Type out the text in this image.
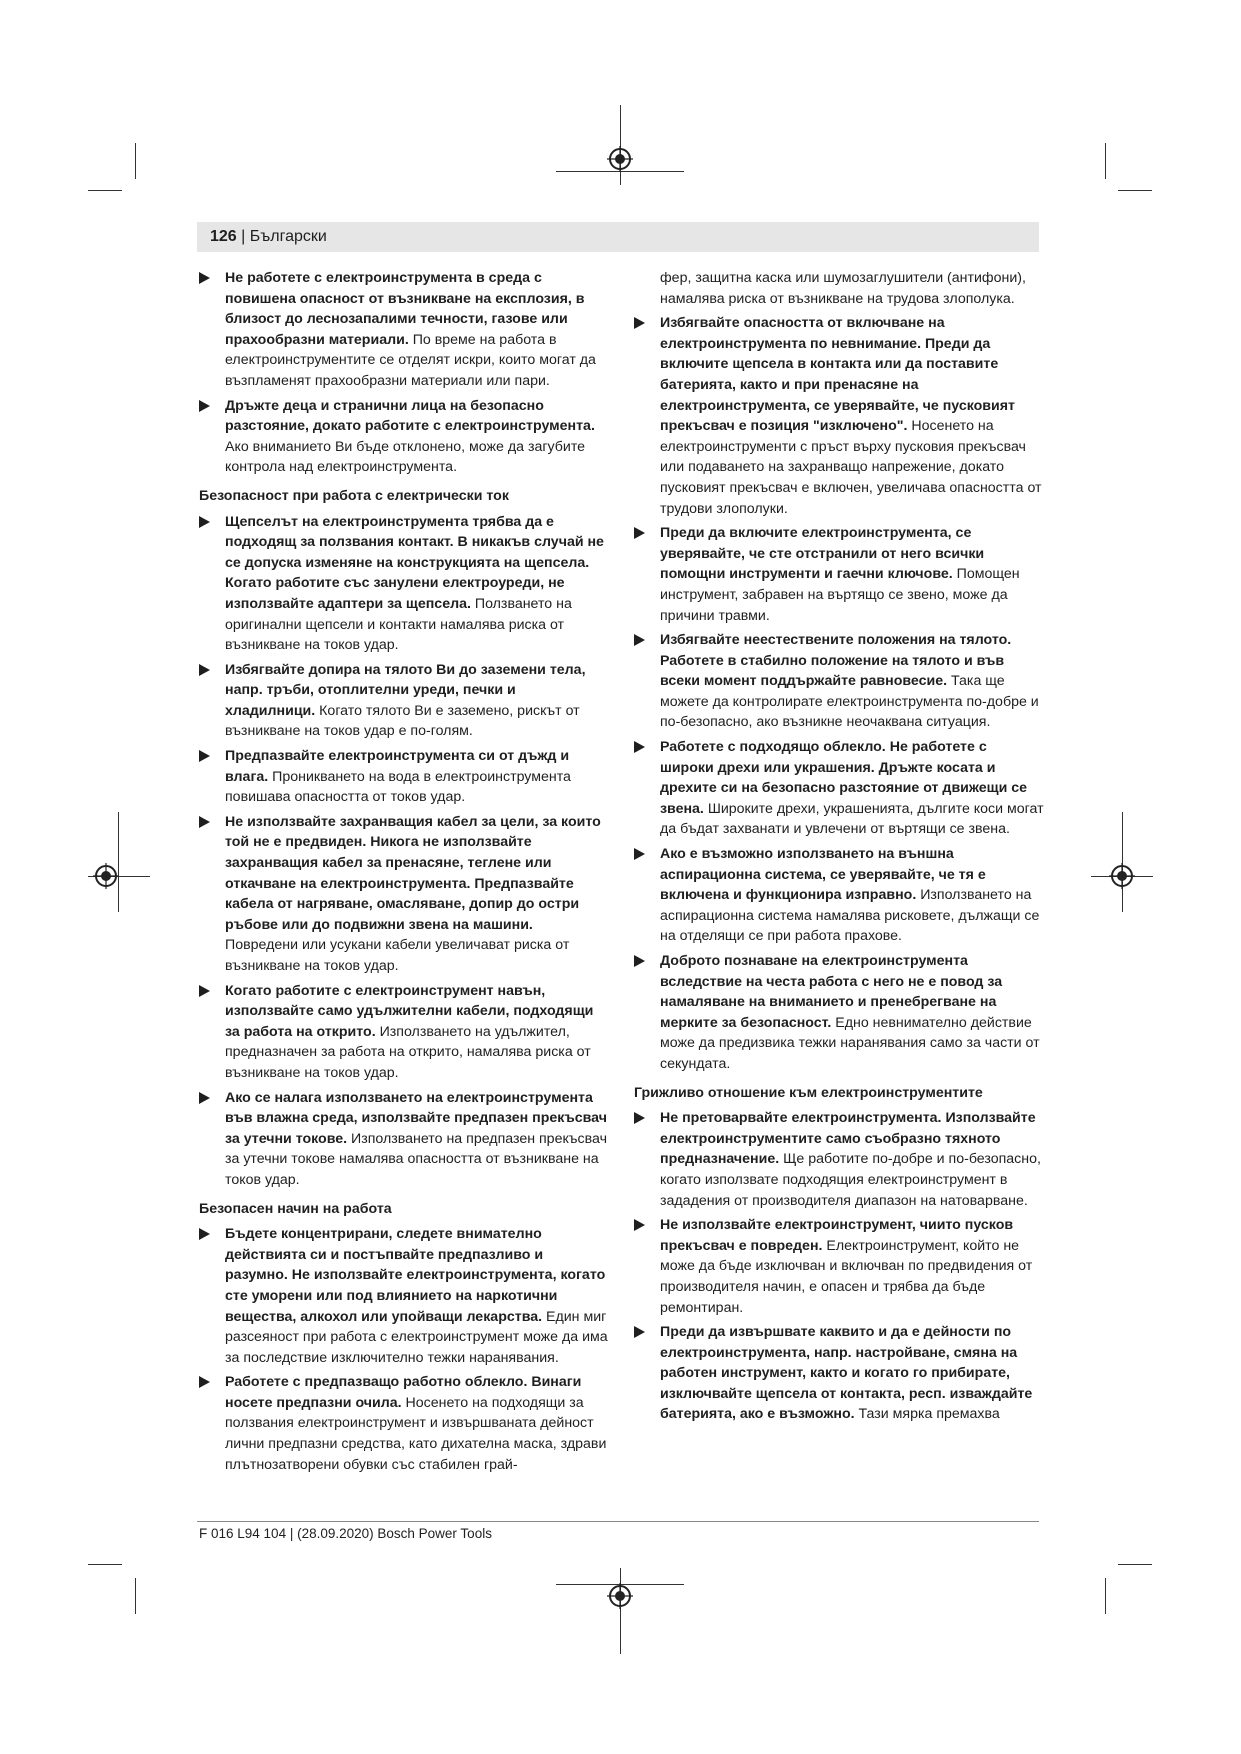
126 | Български
Не работете с електроинструмента в среда с повишена опасност от възникване на експлозия, в близост до леснозапалими течности, газове или прахообразни материали. По време на работа в електроинструментите се отделят искри, които могат да възпламенят прахообразни материали или пари.
Дръжте деца и странични лица на безопасно разстояние, докато работите с електроинструмента. Ако вниманието Ви бъде отклонено, може да загубите контрола над електроинструмента.
Безопасност при работа с електрически ток
Щепселът на електроинструмента трябва да е подходящ за ползвания контакт. В никакъв случай не се допуска изменяне на конструкцията на щепсела. Когато работите със занулени електроуреди, не използвайте адаптери за щепсела. Ползването на оригинални щепсели и контакти намалява риска от възникване на токов удар.
Избягвайте допира на тялото Ви до заземени тела, напр. тръби, отоплителни уреди, печки и хладилници. Когато тялото Ви е заземено, рискът от възникване на токов удар е по-голям.
Предпазвайте електроинструмента си от дъжд и влага. Проникването на вода в електроинструмента повишава опасността от токов удар.
Не използвайте захранващия кабел за цели, за които той не е предвиден. Никога не използвайте захранващия кабел за пренасяне, теглене или откачване на електроинструмента. Предпазвайте кабела от нагряване, омасляване, допир до остри ръбове или до подвижни звена на машини. Повредени или усукани кабели увеличават риска от възникване на токов удар.
Когато работите с електроинструмент навън, използвайте само удължителни кабели, подходящи за работа на открито. Използването на удължител, предназначен за работа на открито, намалява риска от възникване на токов удар.
Ако се налага използването на електроинструмента във влажна среда, използвайте предпазен прекъсвач за утечни токове. Използването на предпазен прекъсвач за утечни токове намалява опасността от възникване на токов удар.
Безопасен начин на работа
Бъдете концентрирани, следете внимателно действията си и постъпвайте предпазливо и разумно. Не използвайте електроинструмента, когато сте уморени или под влиянието на наркотични вещества, алкохол или упойващи лекарства. Един миг разсеяност при работа с електроинструмент може да има за последствие изключително тежки наранявания.
Работете с предпазващо работно облекло. Винаги носете предпазни очила. Носенето на подходящи за ползвания електроинструмент и извършваната дейност лични предпазни средства, като дихателна маска, здрави плътнозатворени обувки със стабилен грай-
фер, защитна каска или шумозаглушители (антифони), намалява риска от възникване на трудова злополука.
Избягвайте опасността от включване на електроинструмента по невнимание. Преди да включите щепсела в контакта или да поставите батерията, както и при пренасяне на електроинструмента, се уверявайте, че пусковият прекъсвач е позиция "изключено". Носенето на електроинструменти с пръст върху пусковия прекъсвач или подаването на захранващо напрежение, докато пусковият прекъсвач е включен, увеличава опасността от трудови злополуки.
Преди да включите електроинструмента, се уверявайте, че сте отстранили от него всички помощни инструменти и гаечни ключове. Помощен инструмент, забравен на въртящо се звено, може да причини травми.
Избягвайте неестествените положения на тялото. Работете в стабилно положение на тялото и във всеки момент поддържайте равновесие. Така ще можете да контролирате електроинструмента по-добре и по-безопасно, ако възникне неочаквана ситуация.
Работете с подходящо облекло. Не работете с широки дрехи или украшения. Дръжте косата и дрехите си на безопасно разстояние от движещи се звена. Широките дрехи, украшенията, дългите коси могат да бъдат захванати и увлечени от въртящи се звена.
Ако е възможно използването на външна аспирационна система, се уверявайте, че тя е включена и функционира изправно. Използването на аспирационна система намалява рисковете, дължащи се на отделящи се при работа прахове.
Доброто познаване на електроинструмента вследствие на честа работа с него не е повод за намаляване на вниманието и пренебрегване на мерките за безопасност. Едно невнимателно действие може да предизвика тежки наранявания само за части от секундата.
Грижливо отношение към електроинструментите
Не претоварвайте електроинструмента. Използвайте електроинструментите само съобразно тяхното предназначение. Ще работите по-добре и по-безопасно, когато използвате подходящия електроинструмент в зададения от производителя диапазон на натоварване.
Не използвайте електроинструмент, чиито пусков прекъсвач е повреден. Електроинструмент, който не може да бъде изключван и включван по предвидения от производителя начин, е опасен и трябва да бъде ремонтиран.
Преди да извършвате каквито и да е дейности по електроинструмента, напр. настройване, смяна на работен инструмент, както и когато го прибирате, изключвайте щепсела от контакта, респ. изваждайте батерията, ако е възможно. Тази мярка премахва
F 016 L94 104 | (28.09.2020) Bosch Power Tools
